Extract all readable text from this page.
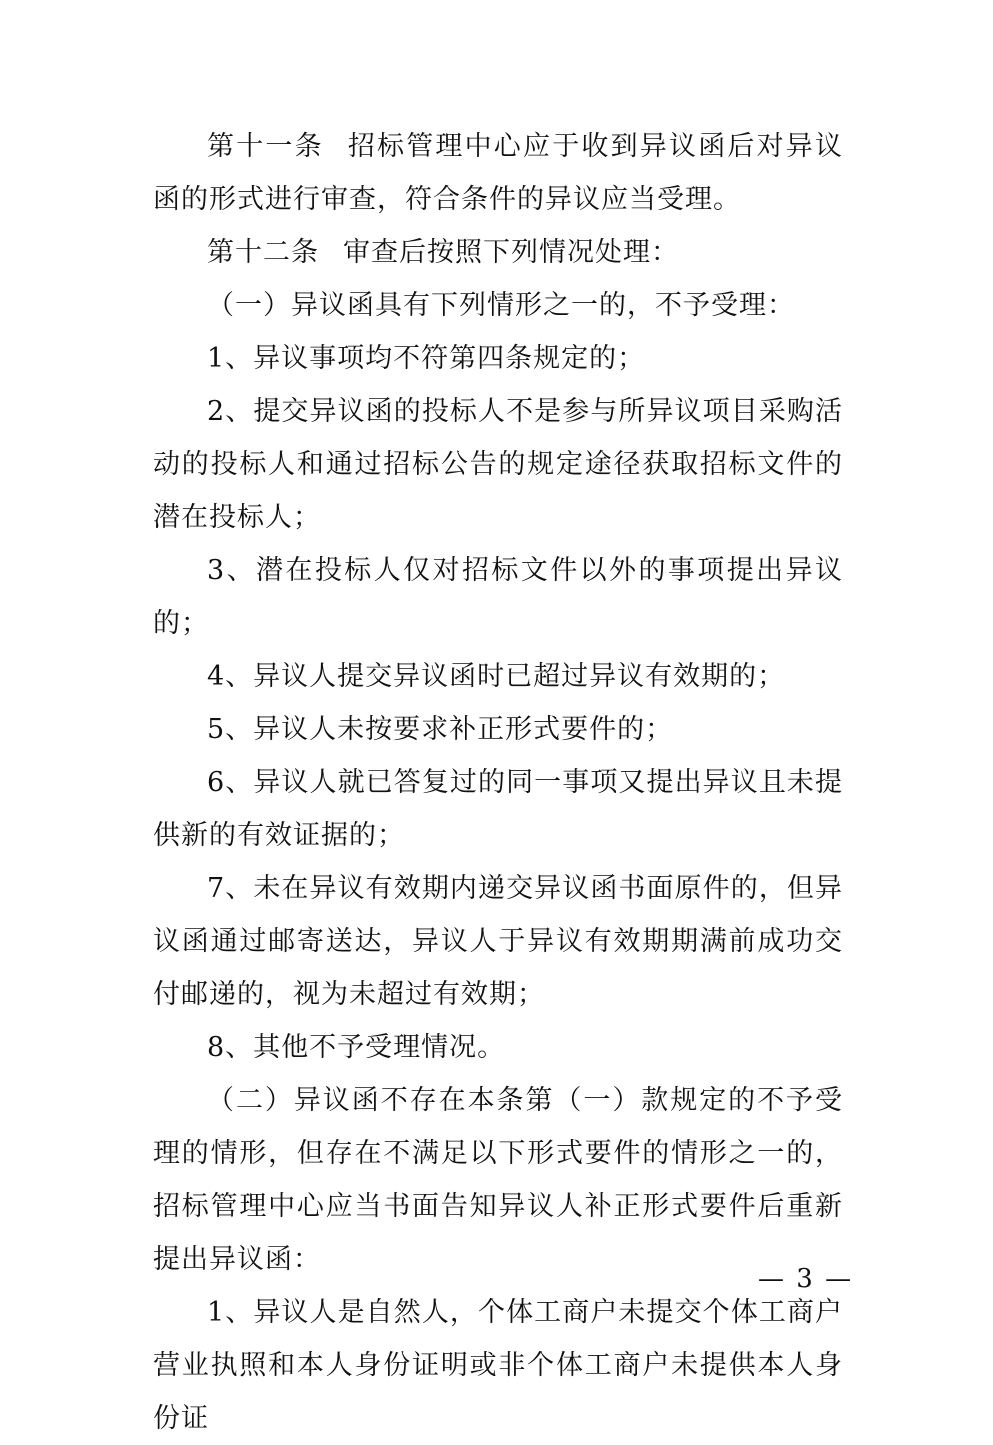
第十一条 招标管理中心应于收到异议函后对异议函的形式进行审查，符合条件的异议应当受理。

第十二条 审查后按照下列情况处理：

（一）异议函具有下列情形之一的，不予受理：

1、异议事项均不符第四条规定的；

2、提交异议函的投标人不是参与所异议项目采购活动的投标人和通过招标公告的规定途径获取招标文件的潜在投标人；

3、潜在投标人仅对招标文件以外的事项提出异议的；

4、异议人提交异议函时已超过异议有效期的；

5、异议人未按要求补正形式要件的；

6、异议人就已答复过的同一事项又提出异议且未提供新的有效证据的；

7、未在异议有效期内递交异议函书面原件的，但异议函通过邮寄送达，异议人于异议有效期期满前成功交付邮递的，视为未超过有效期；

8、其他不予受理情况。

（二）异议函不存在本条第（一）款规定的不予受理的情形，但存在不满足以下形式要件的情形之一的，招标管理中心应当书面告知异议人补正形式要件后重新提出异议函：

1、异议人是自然人，个体工商户未提交个体工商户营业执照和本人身份证明或非个体工商户未提供本人身份证

— 3 —
